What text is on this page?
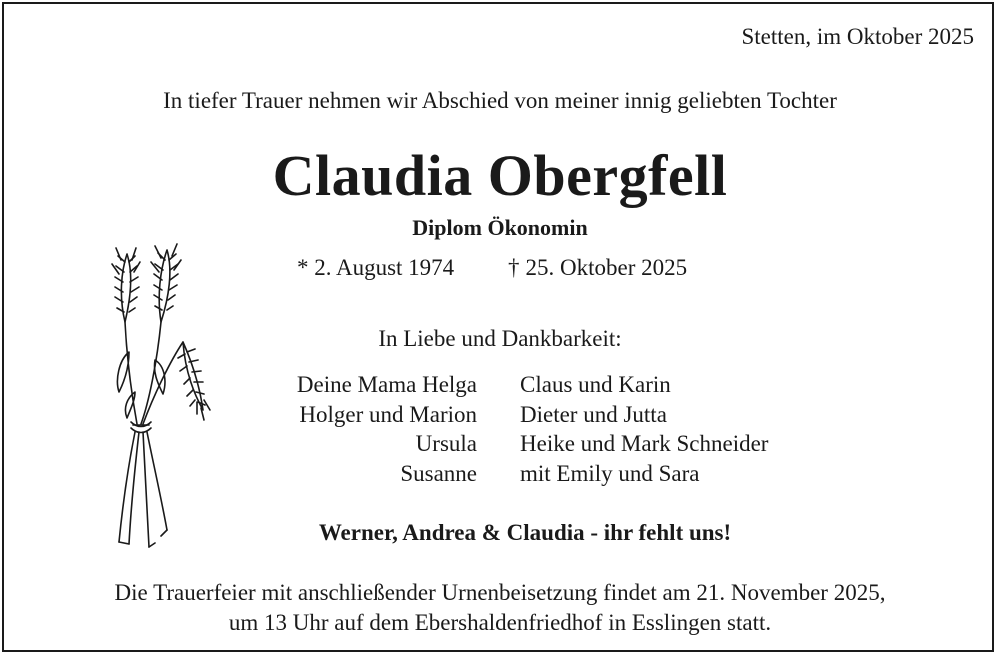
Stetten, im Oktober 2025
In tiefer Trauer nehmen wir Abschied von meiner innig geliebten Tochter
Claudia Obergfell
Diplom Ökonomin
* 2. August 1974 † 25. Oktober 2025
In Liebe und Dankbarkeit:
Deine Mama Helga
Holger und Marion
Ursula
Susanne
Claus und Karin
Dieter und Jutta
Heike und Mark Schneider
mit Emily und Sara
Werner, Andrea & Claudia - ihr fehlt uns!
Die Trauerfeier mit anschließender Urnenbeisetzung findet am 21. November 2025,
um 13 Uhr auf dem Ebershaldenfriedhof in Esslingen statt.
